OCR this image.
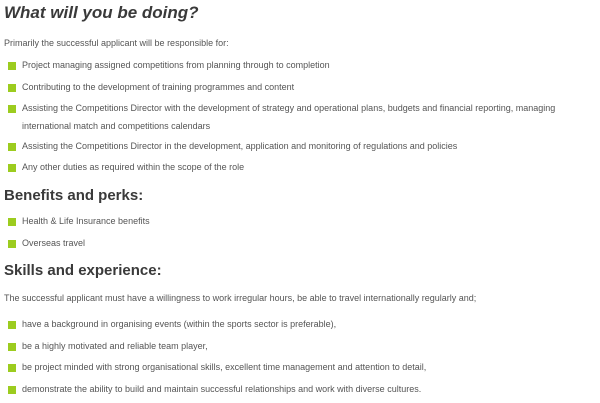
What will you be doing?

Primarily the successful applicant will be responsible for:

Project managing assigned competitions from planning through to completion
Contributing to the development of training programmes and content
Assisting the Competitions Director with the development of strategy and operational plans, budgets and financial reporting, managing
international match and competitions calendars
Assisting the Competitions Director in the development, application and monitoring of regulations and policies
Any other duties as required within the scope of the role
Benefits and perks:
Health & Life Insurance benefits
Overseas travel
Skills and experience:

The successful applicant must have a willingness to work irregular hours, be able to travel internationally regularly and;

have a background in organising events (within the sports sector is preferable),
be a highly motivated and reliable team player,
be project minded with strong organisational skills, excellent time management and attention to detail,
demonstrate the ability to build and maintain successful relationships and work with diverse cultures.
